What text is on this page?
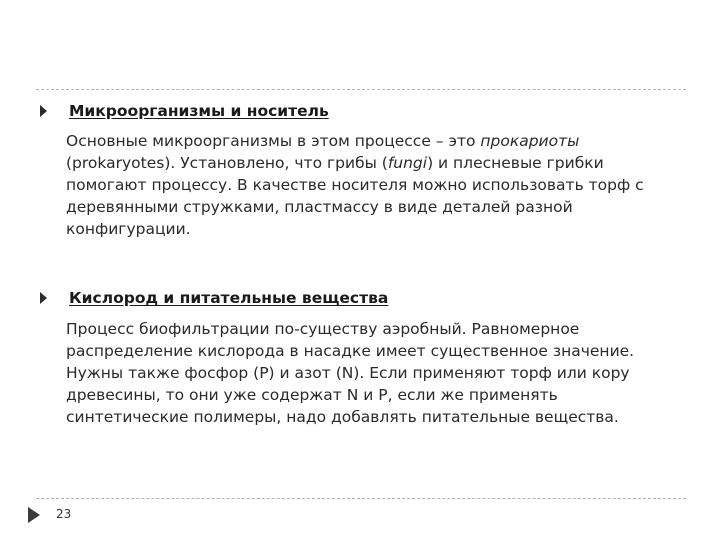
Микроорганизмы и носитель

Основные микроорганизмы в этом процессе – это прокариоты (prokaryotes). Установлено, что грибы (fungi) и плесневые грибки помогают процессу. В качестве носителя можно использовать торф с деревянными стружками, пластмассу в виде деталей разной конфигурации.

Кислород и питательные вещества

Процесс биофильтрации по-существу аэробный. Равномерное распределение кислорода в насадке имеет существенное значение. Нужны также фосфор (P) и азот (N). Если применяют торф или кору древесины, то они уже содержат N и P, если же применять синтетические полимеры, надо добавлять питательные вещества.

23
